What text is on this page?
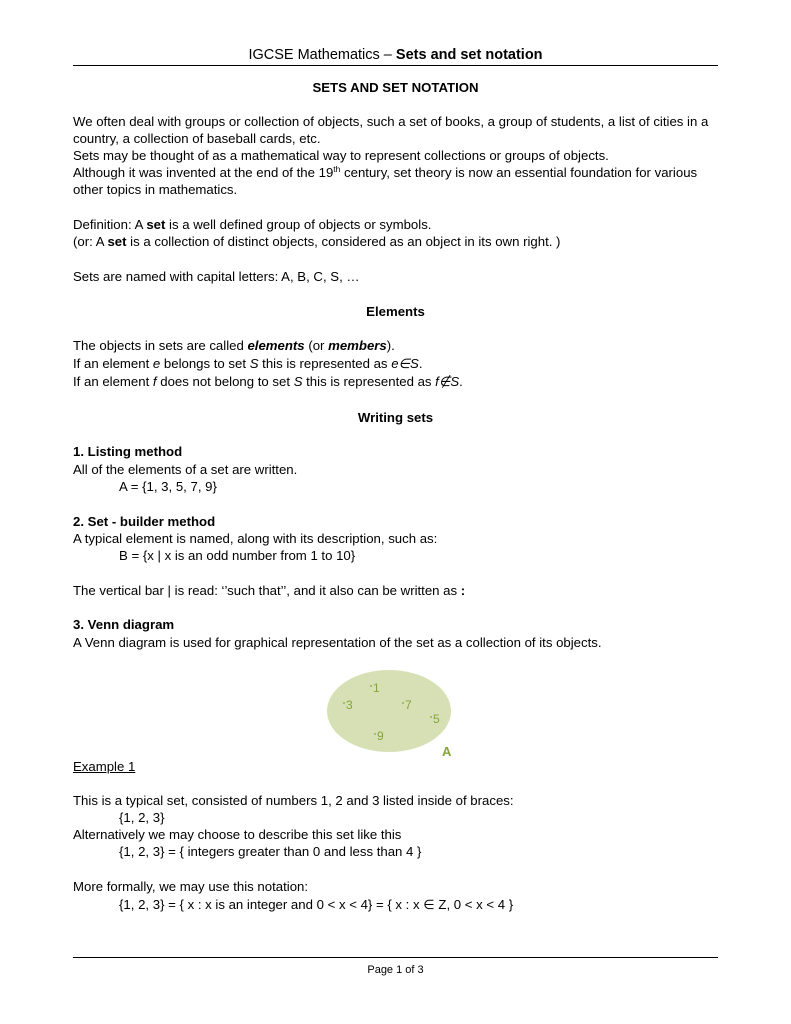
IGCSE Mathematics – Sets and set notation
SETS AND SET NOTATION
We often deal with groups or collection of objects, such a set of books, a group of students, a list of cities in a
country, a collection of baseball cards, etc.
Sets may be thought of as a mathematical way to represent collections or groups of objects.
Although it was invented at the end of the 19th century, set theory is now an essential foundation for various
other topics in mathematics.
Definition: A set is a well defined group of objects or symbols.
(or: A set is a collection of distinct objects, considered as an object in its own right. )
Sets are named with capital letters: A, B, C, S, …
Elements
The objects in sets are called elements (or members).
If an element e belongs to set S this is represented as e∈S.
If an element f does not belong to set S this is represented as f∉S.
Writing sets
1. Listing method
All of the elements of a set are written.
A = {1, 3, 5, 7, 9}
2. Set - builder method
A typical element is named, along with its description, such as:
B = {x | x is an odd number from 1 to 10}
The vertical bar | is read: ‘’such that’’, and it also can be written as :
3. Venn diagram
A Venn diagram is used for graphical representation of the set as a collection of its objects.
1
3	7
5
9
A
Example 1
This is a typical set, consisted of numbers 1, 2 and 3 listed inside of braces:
{1, 2, 3}
Alternatively we may choose to describe this set like this
{1, 2, 3} = { integers greater than 0 and less than 4 }
More formally, we may use this notation:
{1, 2, 3} = { x : x is an integer and 0 < x < 4} = { x : x ∈ Z, 0 < x < 4 }
Page 1 of 3
